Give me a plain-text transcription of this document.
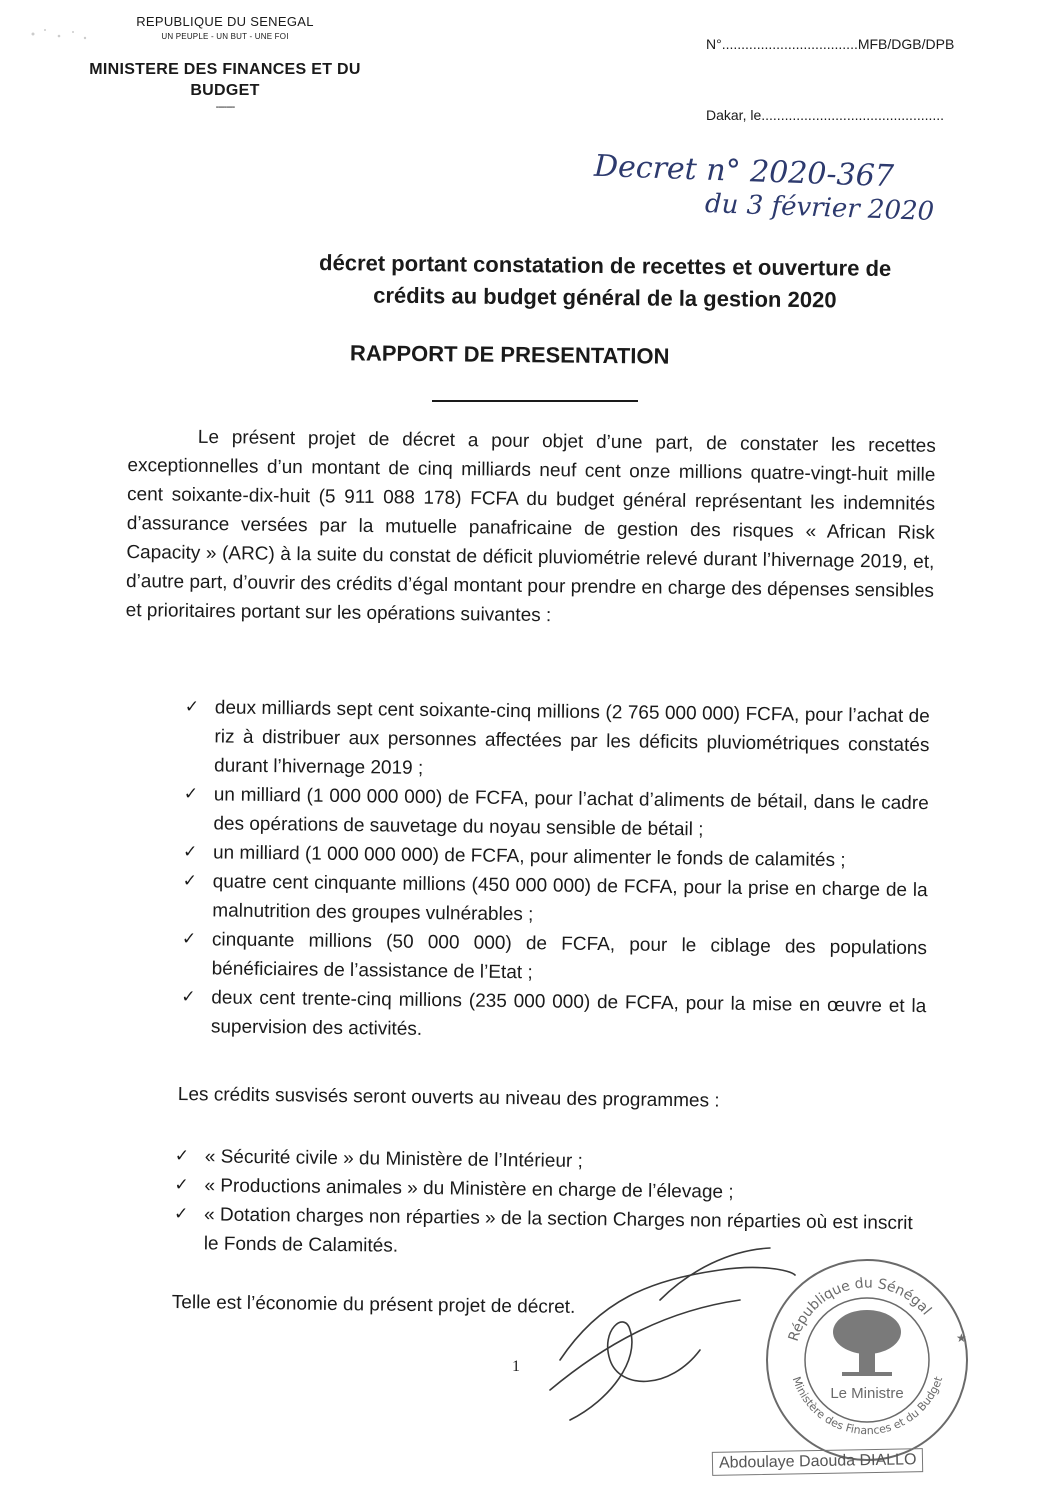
REPUBLIQUE DU SENEGAL
UN PEUPLE - UN BUT - UNE FOI
MINISTERE DES FINANCES ET DU
BUDGET
-------
N°...................................MFB/DGB/DPB
Dakar, le...............................................
Decret n° 2020-367
du 3 février 2020
décret portant constatation de recettes et ouverture de
crédits au budget général de la gestion 2020
RAPPORT DE PRESENTATION

Le présent projet de décret a pour objet d’une part, de constater les recettes exceptionnelles d’un montant de cinq milliards neuf cent onze millions quatre-vingt-huit mille cent soixante-dix-huit (5 911 088 178) FCFA du budget général représentant les indemnités d’assurance versées par la mutuelle panafricaine de gestion des risques « African Risk Capacity » (ARC) à la suite du constat de déficit pluviométrie relevé durant l’hivernage 2019, et, d’autre part, d’ouvrir des crédits d’égal montant pour prendre en charge des dépenses sensibles et prioritaires portant sur les opérations suivantes :

✓ deux milliards sept cent soixante-cinq millions (2 765 000 000) FCFA, pour l’achat de riz à distribuer aux personnes affectées par les déficits pluviométriques constatés durant l’hivernage 2019 ;
✓ un milliard (1 000 000 000) de FCFA, pour l’achat d’aliments de bétail, dans le cadre des opérations de sauvetage du noyau sensible de bétail ;
✓ un milliard (1 000 000 000) de FCFA, pour alimenter le fonds de calamités ;
✓ quatre cent cinquante millions (450 000 000) de FCFA, pour la prise en charge de la malnutrition des groupes vulnérables ;
✓ cinquante millions (50 000 000) de FCFA, pour le ciblage des populations bénéficiaires de l’assistance de l’Etat ;
✓ deux cent trente-cinq millions (235 000 000) de FCFA, pour la mise en œuvre et la supervision des activités.
Les crédits susvisés seront ouverts au niveau des programmes :
✓ « Sécurité civile » du Ministère de l’Intérieur ;
✓ « Productions animales » du Ministère en charge de l’élevage ;
✓ « Dotation charges non réparties » de la section Charges non réparties où est inscrit le Fonds de Calamités.
Telle est l’économie du présent projet de décret.
République du Sénégal
Ministère des Finances et du Budget
Le Ministre
★
Abdoulaye Daouda DIALLO
1
